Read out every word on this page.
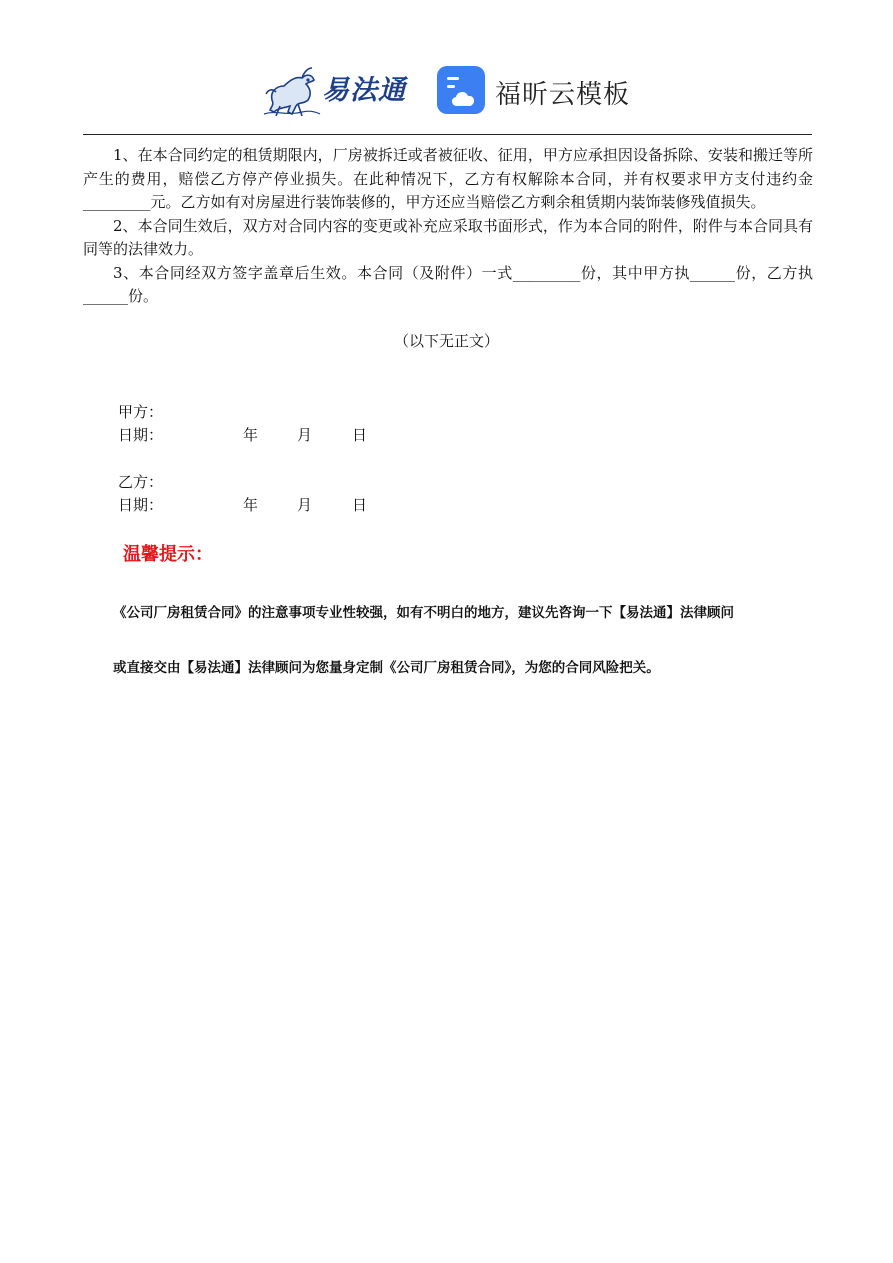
易法通	福昕云模板

1、在本合同约定的租赁期限内，厂房被拆迁或者被征收、征用，甲方应承担因设备拆除、安装和搬迁等所产生的费用，赔偿乙方停产停业损失。在此种情况下，乙方有权解除本合同，并有权要求甲方支付违约金_________元。乙方如有对房屋进行装饰装修的，甲方还应当赔偿乙方剩余租赁期内装饰装修残值损失。

2、本合同生效后，双方对合同内容的变更或补充应采取书面形式，作为本合同的附件，附件与本合同具有同等的法律效力。

3、本合同经双方签字盖章后生效。本合同（及附件）一式_________份，其中甲方执______份，乙方执______份。

（以下无正文）
甲方：
日期：	年	月	日
乙方：
日期：	年	月	日
温馨提示：
《公司厂房租赁合同》的注意事项专业性较强，如有不明白的地方，建议先咨询一下【易法通】法律顾问
或直接交由【易法通】法律顾问为您量身定制《公司厂房租赁合同》，为您的合同风险把关。
